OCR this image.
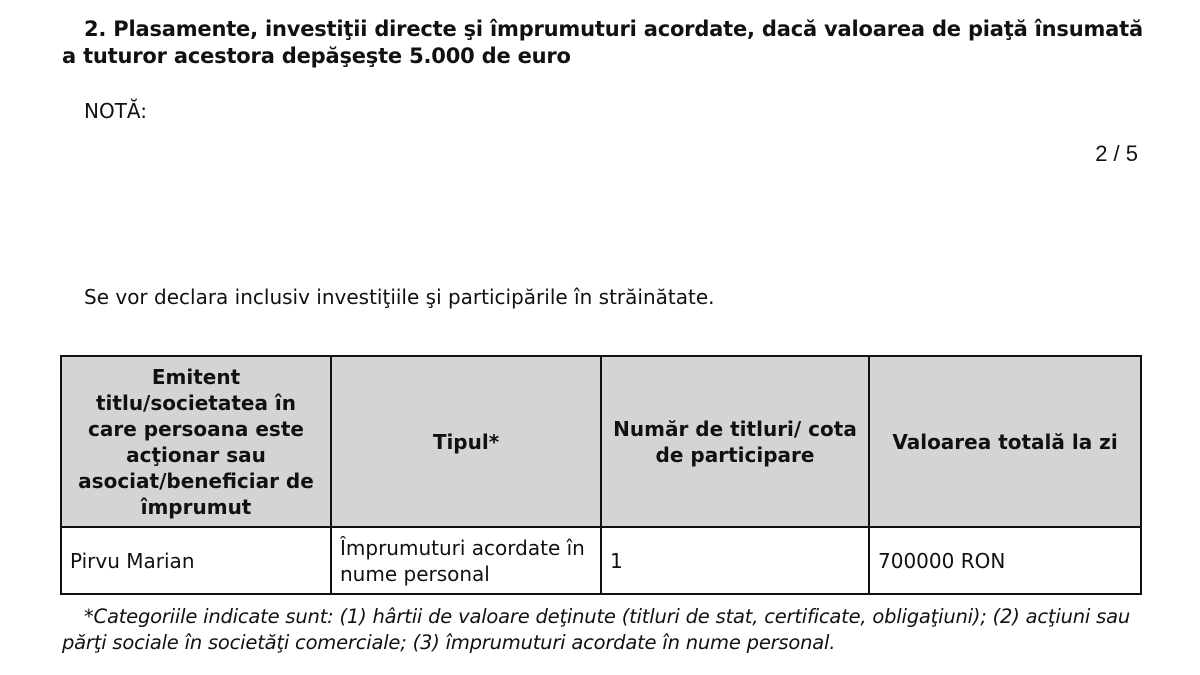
2. Plasamente, investiţii directe şi împrumuturi acordate, dacă valoarea de piaţă însumată a tuturor acestora depăşeşte 5.000 de euro
NOTĂ:
2 / 5
Se vor declara inclusiv investiţiile şi participările în străinătate.
Emitent titlu/societatea în care persoana este acţionar sau asociat/beneficiar de împrumut	Tipul*	Număr de titluri/ cota de participare	Valoarea totală la zi
Pirvu Marian	Împrumuturi acordate în nume personal	1	700000 RON
*Categoriile indicate sunt: (1) hârtii de valoare deţinute (titluri de stat, certificate, obligaţiuni); (2) acţiuni sau părţi sociale în societăţi comerciale; (3) împrumuturi acordate în nume personal.
